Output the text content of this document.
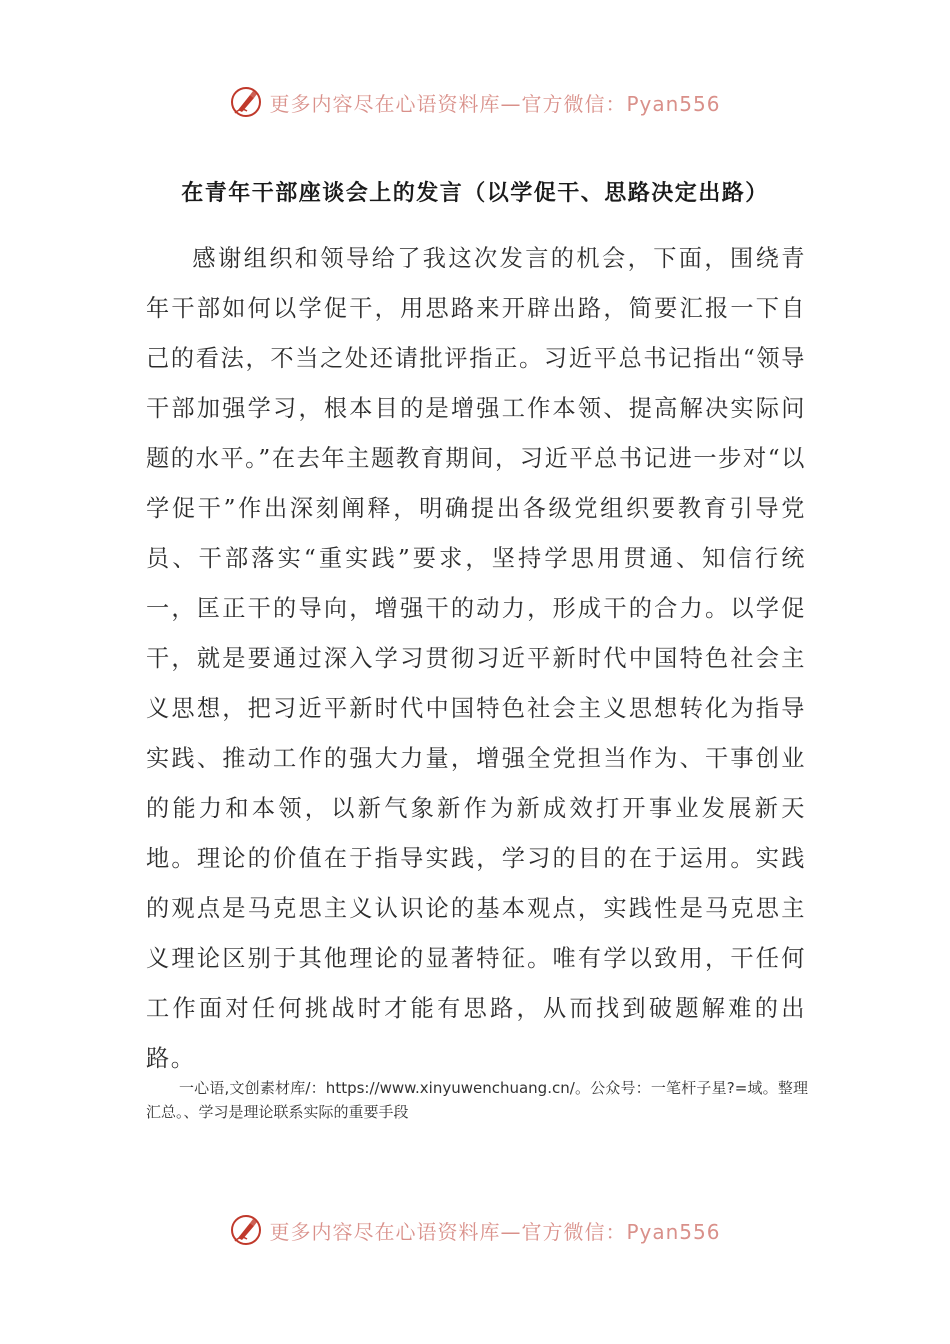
更多内容尽在心语资料库—官方微信：Pyan556
在青年干部座谈会上的发言（以学促干、思路决定出路）

感谢组织和领导给了我这次发言的机会，下面，围绕青年干部如何以学促干，用思路来开辟出路，简要汇报一下自己的看法，不当之处还请批评指正。习近平总书记指出“领导干部加强学习，根本目的是增强工作本领、提高解决实际问题的水平。”在去年主题教育期间，习近平总书记进一步对“以学促干”作出深刻阐释，明确提出各级党组织要教育引导党员、干部落实“重实践”要求，坚持学思用贯通、知信行统一，匡正干的导向，增强干的动力，形成干的合力。以学促干，就是要通过深入学习贯彻习近平新时代中国特色社会主义思想，把习近平新时代中国特色社会主义思想转化为指导实践、推动工作的强大力量，增强全党担当作为、干事创业的能力和本领，以新气象新作为新成效打开事业发展新天地。理论的价值在于指导实践，学习的目的在于运用。实践的观点是马克思主义认识论的基本观点，实践性是马克思主义理论区别于其他理论的显著特征。唯有学以致用，干任何工作面对任何挑战时才能有思路，从而找到破题解难的出路。

一心语,文创素材库/：https://www.xinyuwenchuang.cn/。公众号：一笔杆子星?=域。整理汇总。、学习是理论联系实际的重要手段

更多内容尽在心语资料库—官方微信：Pyan556
